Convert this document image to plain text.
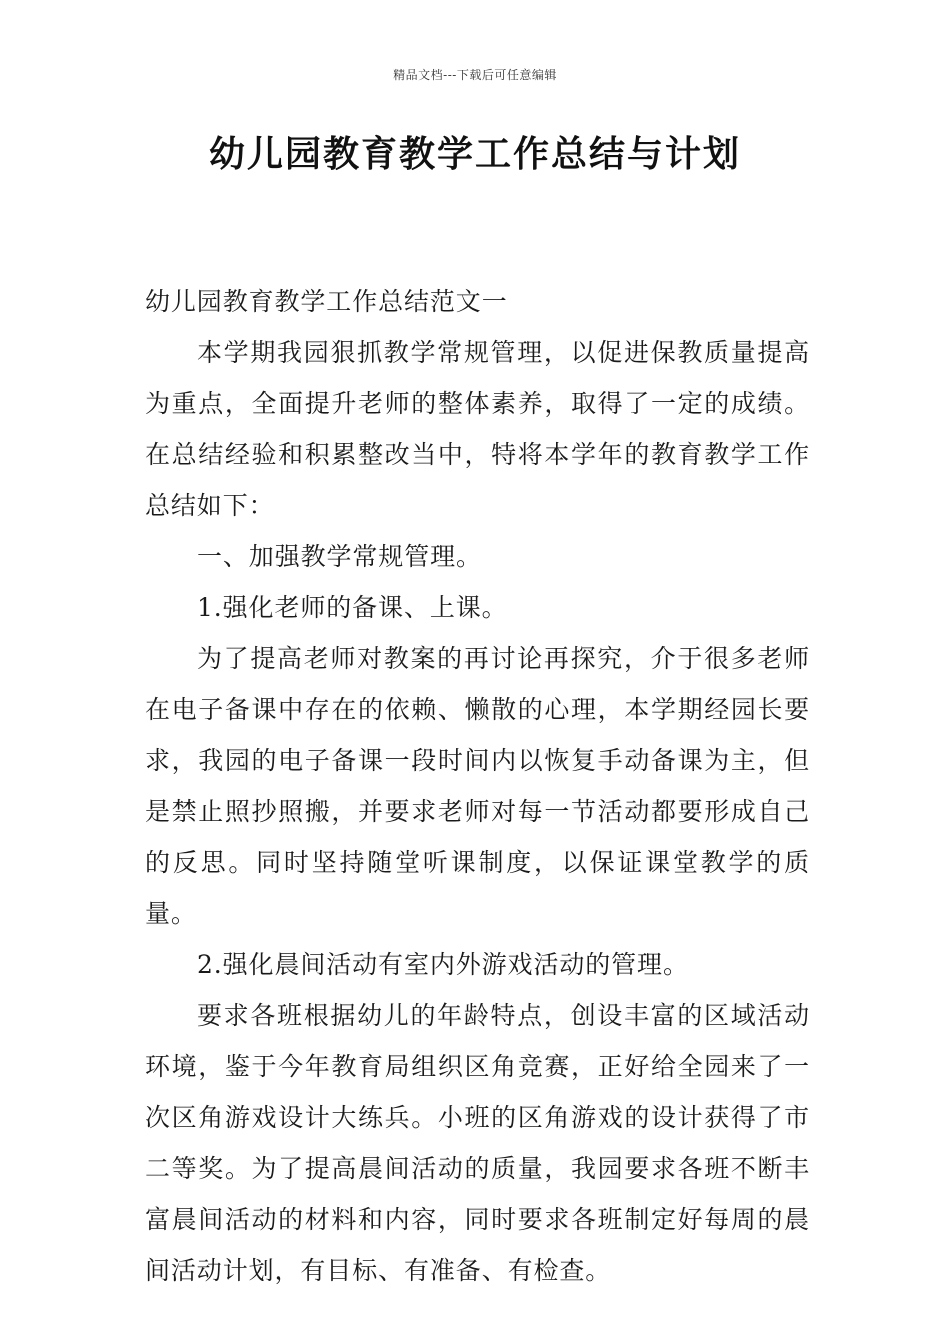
精品文档---下载后可任意编辑
幼儿园教育教学工作总结与计划

幼儿园教育教学工作总结范文一

本学期我园狠抓教学常规管理，以促进保教质量提高为重点，全面提升老师的整体素养，取得了一定的成绩。在总结经验和积累整改当中，特将本学年的教育教学工作总结如下：

一、加强教学常规管理。

1.强化老师的备课、上课。

为了提高老师对教案的再讨论再探究，介于很多老师在电子备课中存在的依赖、懒散的心理，本学期经园长要求，我园的电子备课一段时间内以恢复手动备课为主，但是禁止照抄照搬，并要求老师对每一节活动都要形成自己的反思。同时坚持随堂听课制度，以保证课堂教学的质量。

2.强化晨间活动有室内外游戏活动的管理。

要求各班根据幼儿的年龄特点，创设丰富的区域活动环境，鉴于今年教育局组织区角竞赛，正好给全园来了一次区角游戏设计大练兵。小班的区角游戏的设计获得了市二等奖。为了提高晨间活动的质量，我园要求各班不断丰富晨间活动的材料和内容，同时要求各班制定好每周的晨间活动计划，有目标、有准备、有检查。
